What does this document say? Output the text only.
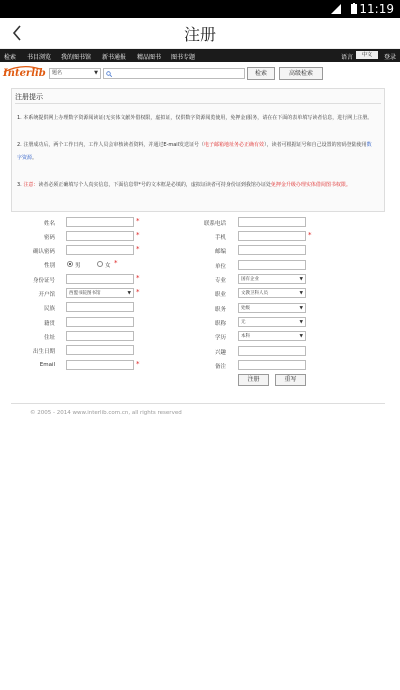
11:19
注册
检索 书目浏览 我的图书馆 新书通报 精品图书 图书专题	语言	中文	登录
Interlib	题名	▼	检索	高级检索
注册提示

1. 本系统提供网上办理数字资源阅读证(无实体文献外借权限，虚拟证，仅供数字资源阅览使用，免押金)服务，请在在下面的表单填写读者信息，进行网上注册。

2. 注册成功后，两个工作日内，工作人员会审核读者资料，并通过E-mail发送证号（电子邮箱地址务必正确有效），读者可根据证号和自己设置的密码登陆使用数字资源。

3. 注意：读者必须正确填写个人真实信息，下面信息带*号的文本框是必填的，虚拟证读者可持身份证到我馆办证处免押金升级办理实体借阅图书权限。

姓名	*
密码	*
确认密码	*
性别	男	女 *
身份证号	*
开户馆	西盟书院图书馆	▼ *
民族
籍贯
住址
出生日期
Email	*
联系电话
手机	*
邮编
单位
专业	国有企业	▼
职业	文教卫科人员	▼
职务	处级	▼
职称	无	▼
学历	本科	▼
兴趣
备注
注册	重写
© 2005 - 2014 www.interlib.com.cn, all rights reserved
